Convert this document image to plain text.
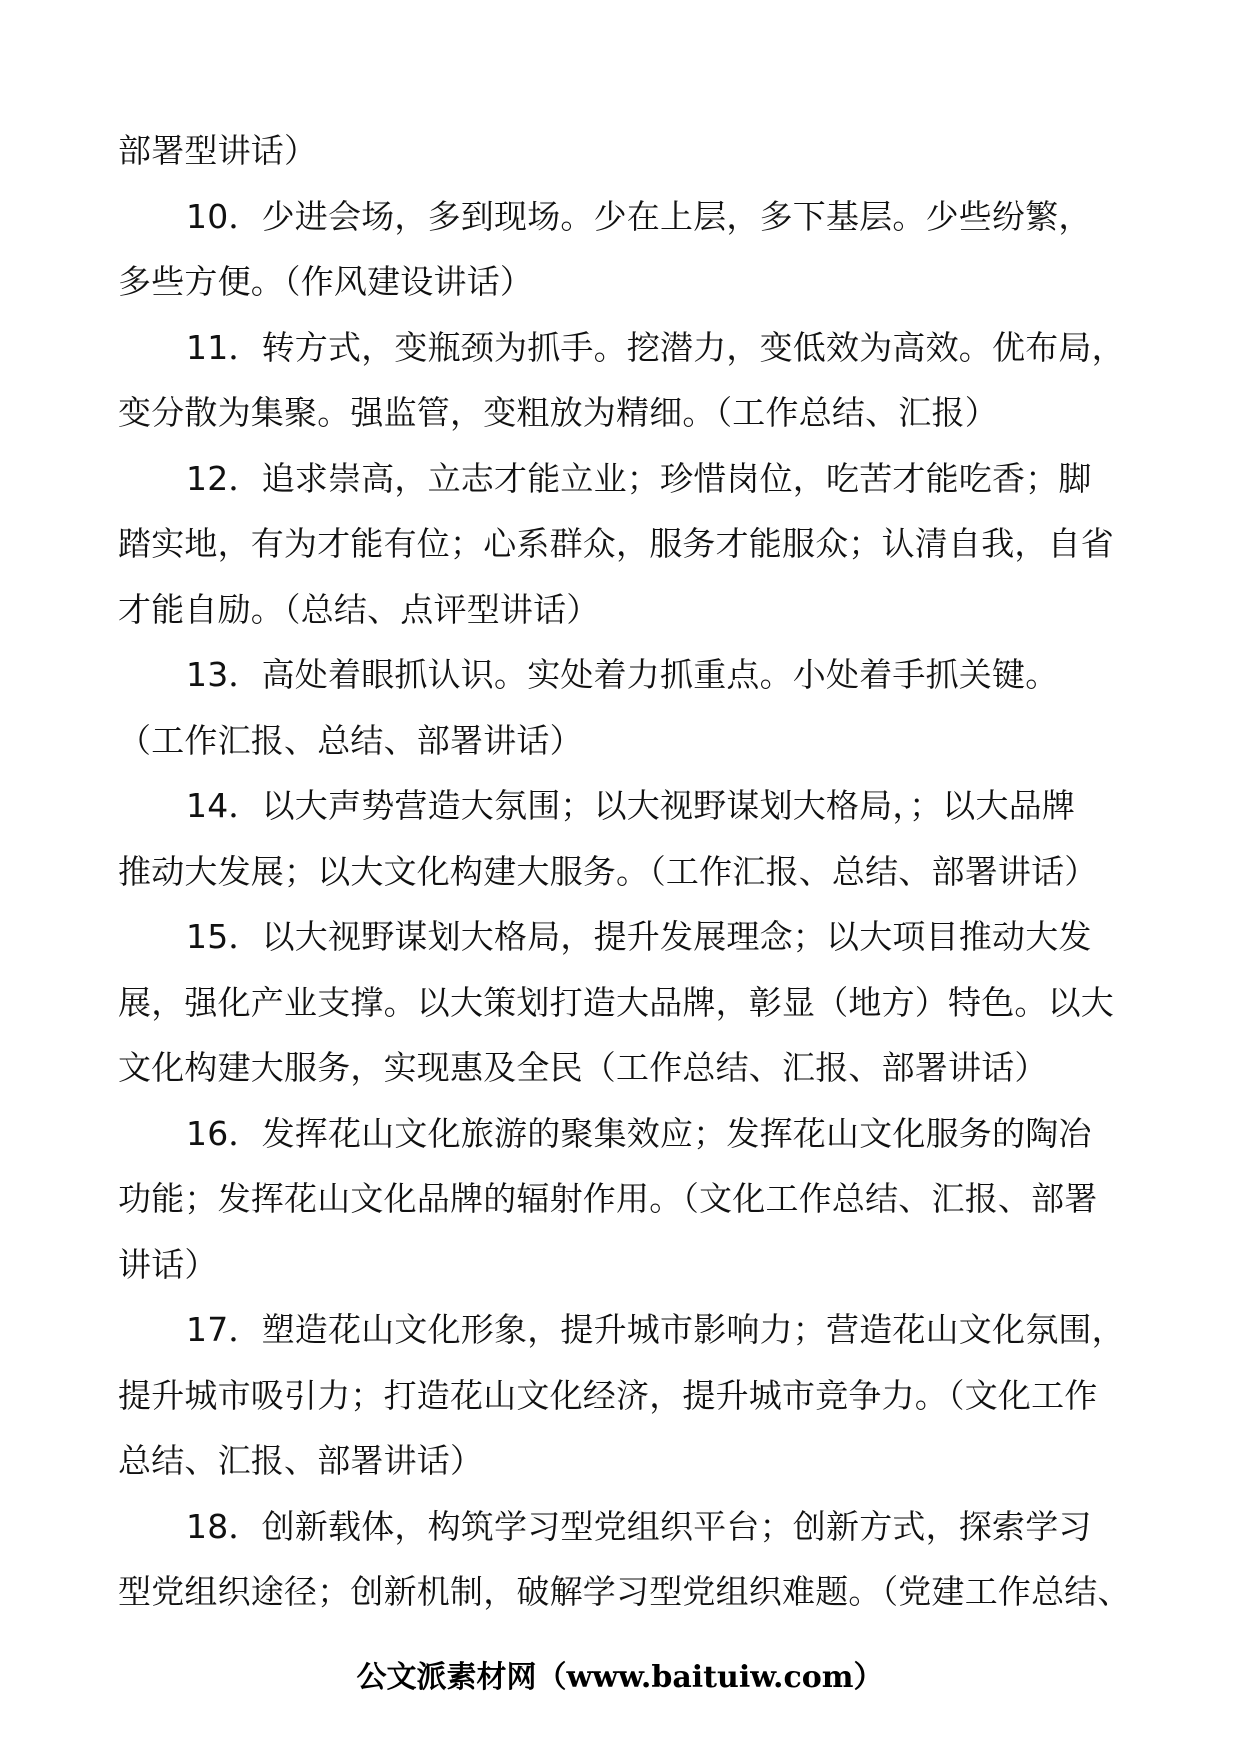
部署型讲话）
10．少进会场，多到现场。少在上层，多下基层。少些纷繁，
多些方便。（作风建设讲话）
11．转方式，变瓶颈为抓手。挖潜力，变低效为高效。优布局，
变分散为集聚。强监管，变粗放为精细。（工作总结、汇报）
12．追求崇高，立志才能立业；珍惜岗位，吃苦才能吃香；脚
踏实地，有为才能有位；心系群众，服务才能服众；认清自我，自省
才能自励。（总结、点评型讲话）
13．高处着眼抓认识。实处着力抓重点。小处着手抓关键。
（工作汇报、总结、部署讲话）
14．以大声势营造大氛围；以大视野谋划大格局，；以大品牌
推动大发展；以大文化构建大服务。（工作汇报、总结、部署讲话）
15．以大视野谋划大格局，提升发展理念；以大项目推动大发
展，强化产业支撑。以大策划打造大品牌，彰显（地方）特色。以大
文化构建大服务，实现惠及全民（工作总结、汇报、部署讲话）
16．发挥花山文化旅游的聚集效应；发挥花山文化服务的陶冶
功能；发挥花山文化品牌的辐射作用。（文化工作总结、汇报、部署
讲话）
17．塑造花山文化形象，提升城市影响力；营造花山文化氛围，
提升城市吸引力；打造花山文化经济，提升城市竞争力。（文化工作
总结、汇报、部署讲话）
18．创新载体，构筑学习型党组织平台；创新方式，探索学习
型党组织途径；创新机制，破解学习型党组织难题。（党建工作总结、
公文派素材网（www.baituiw.com）
